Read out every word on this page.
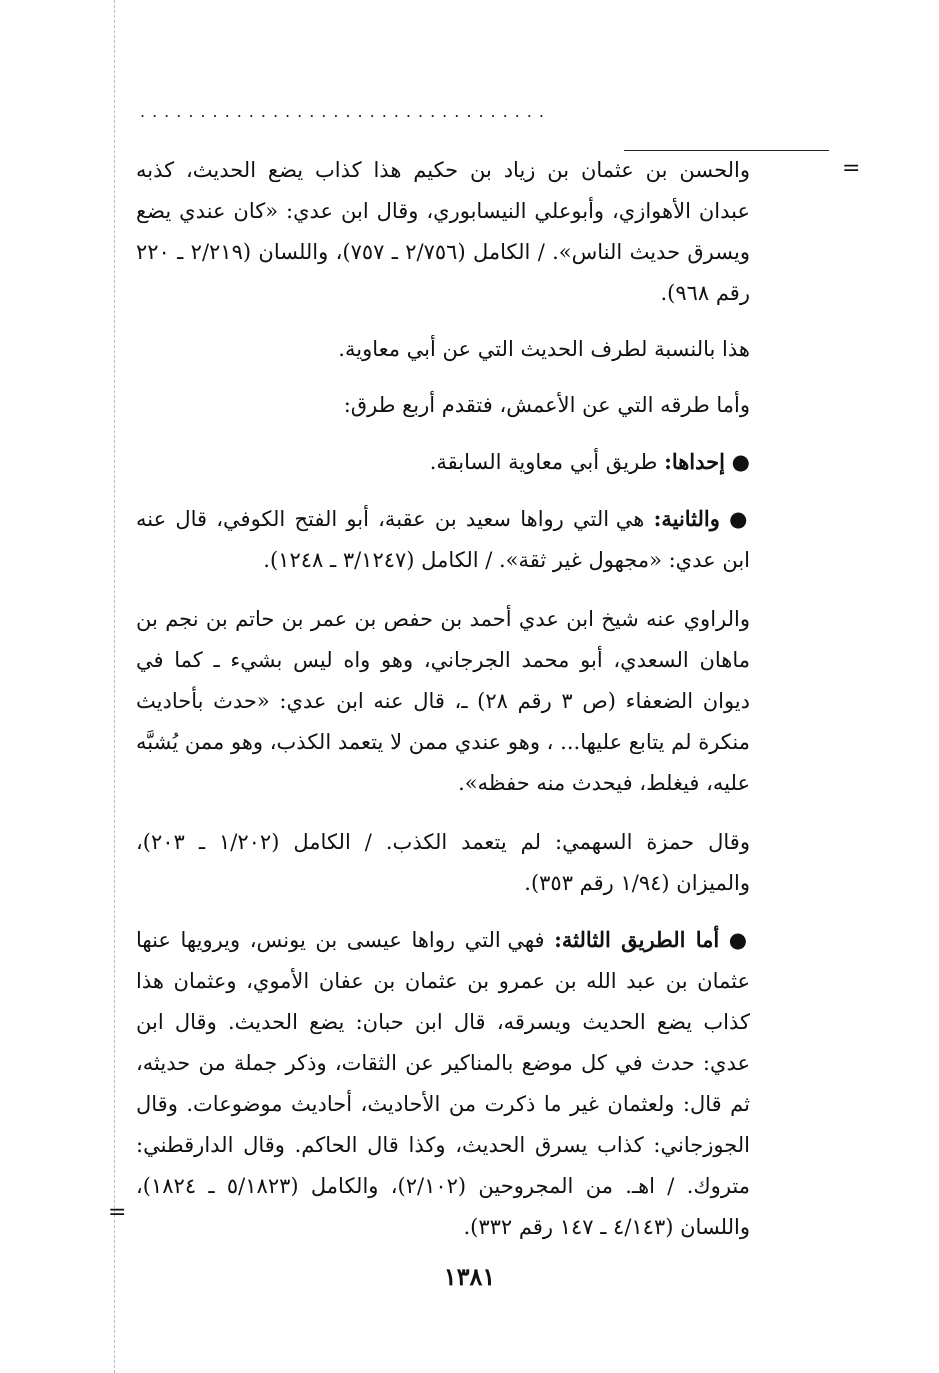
..................................
=
=

والحسن بن عثمان بن زياد بن حكيم هذا كذاب يضع الحديث، كذبه عبدان الأهوازي، وأبوعلي النيسابوري، وقال ابن عدي: «كان عندي يضع ويسرق حديث الناس». / الكامل (٢/٧٥٦ ـ ٧٥٧)، واللسان (٢/٢١٩ ـ ٢٢٠ رقم ٩٦٨).

هذا بالنسبة لطرف الحديث التي عن أبي معاوية.

وأما طرقه التي عن الأعمش، فتقدم أربع طرق:

● إحداها: طريق أبي معاوية السابقة.

● والثانية: هي التي رواها سعيد بن عقبة، أبو الفتح الكوفي، قال عنه ابن عدي: «مجهول غير ثقة». / الكامل (٣/١٢٤٧ ـ ١٢٤٨).

والراوي عنه شيخ ابن عدي أحمد بن حفص بن عمر بن حاتم بن نجم بن ماهان السعدي، أبو محمد الجرجاني، وهو واه ليس بشيء ـ كما في ديوان الضعفاء (ص ٣ رقم ٢٨) ـ، قال عنه ابن عدي: «حدث بأحاديث منكرة لم يتابع عليها... ، وهو عندي ممن لا يتعمد الكذب، وهو ممن يُشبَّه عليه، فيغلط، فيحدث منه حفظه».

وقال حمزة السهمي: لم يتعمد الكذب. / الكامل (١/٢٠٢ ـ ٢٠٣)، والميزان (١/٩٤ رقم ٣٥٣).

● أما الطريق الثالثة: فهي التي رواها عيسى بن يونس، ويرويها عنها عثمان بن عبد الله بن عمرو بن عثمان بن عفان الأموي، وعثمان هذا كذاب يضع الحديث ويسرقه، قال ابن حبان: يضع الحديث. وقال ابن عدي: حدث في كل موضع بالمناكير عن الثقات، وذكر جملة من حديثه، ثم قال: ولعثمان غير ما ذكرت من الأحاديث، أحاديث موضوعات. وقال الجوزجاني: كذاب يسرق الحديث، وكذا قال الحاكم. وقال الدارقطني: متروك. / اهـ. من المجروحين (٢/١٠٢)، والكامل (٥/١٨٢٣ ـ ١٨٢٤)، واللسان (٤/١٤٣ ـ ١٤٧ رقم ٣٣٢).

١٣٨١
